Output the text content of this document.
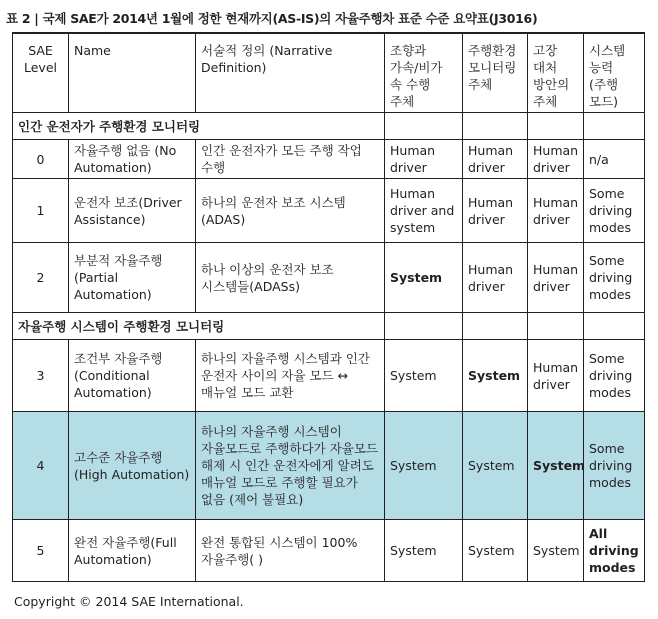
표 2 | 국제 SAE가 2014년 1월에 정한 현재까지(AS-IS)의 자율주행차 표준 수준 요약표(J3016)
SAE Level	Name	서술적 정의 (Narrative Definition)	조향과 가속/비가 속 수행 주체	주행환경 모니터링 주체	고장 대처 방안의 주체	시스템 능력 (주행 모드)
인간 운전자가 주행환경 모니터링						
0	자율주행 없음 (No Automation)	인간 운전자가 모든 주행 작업 수행	Human driver	Human driver	Human driver	n/a
1	운전자 보조(Driver Assistance)	하나의 운전자 보조 시스템 (ADAS)	Human driver and system	Human driver	Human driver	Some driving modes
2	부분적 자율주행 (Partial Automation)	하나 이상의 운전자 보조 시스템들(ADASs)	System	Human driver	Human driver	Some driving modes
자율주행 시스템이 주행환경 모니터링						
3	조건부 자율주행 (Conditional Automation)	하나의 자율주행 시스템과 인간 운전자 사이의 자율 모드 ↔ 매뉴얼 모드 교환	System	System	Human driver	Some driving modes
4	고수준 자율주행 (High Automation)	하나의 자율주행 시스템이 자율모드로 주행하다가 자율모드 해제 시 인간 운전자에게 알려도 매뉴얼 모드로 주행할 필요가 없음 (제어 불필요)	System	System	System	Some driving modes
5	완전 자율주행(Full Automation)	완전 통합된 시스템이 100% 자율주행( )	System	System	System	All driving modes
Copyright © 2014 SAE International.
